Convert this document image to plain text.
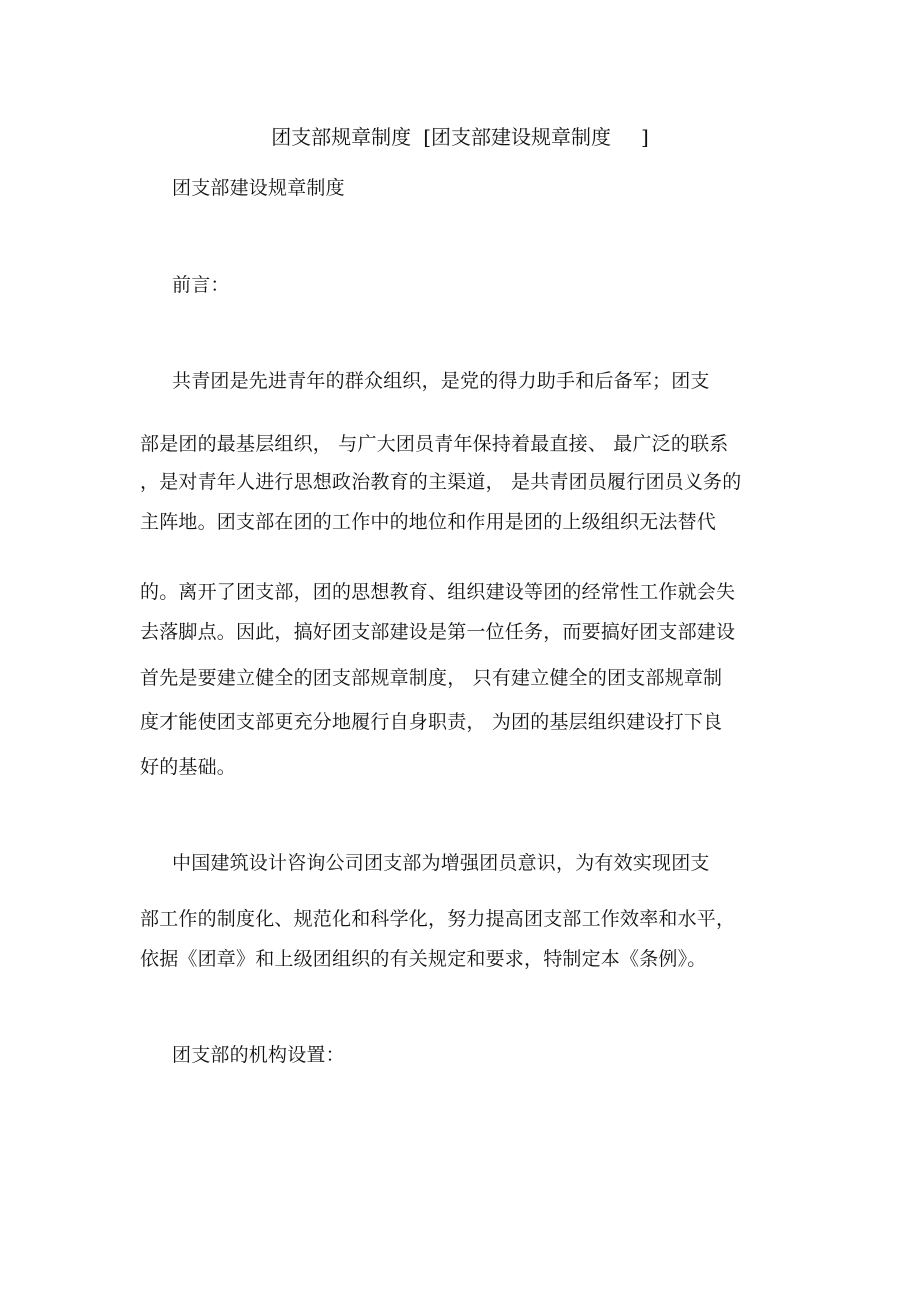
团支部规章制度 [团支部建设规章制度 ]
团支部建设规章制度
前言：
共青团是先进青年的群众组织，是党的得力助手和后备军；团支
部是团的最基层组织， 与广大团员青年保持着最直接、 最广泛的联系
，是对青年人进行思想政治教育的主渠道， 是共青团员履行团员义务的
主阵地。团支部在团的工作中的地位和作用是团的上级组织无法替代
的。离开了团支部，团的思想教育、组织建设等团的经常性工作就会失
去落脚点。因此，搞好团支部建设是第一位任务，而要搞好团支部建设
首先是要建立健全的团支部规章制度， 只有建立健全的团支部规章制
度才能使团支部更充分地履行自身职责， 为团的基层组织建设打下良
好的基础。
中国建筑设计咨询公司团支部为增强团员意识，为有效实现团支
部工作的制度化、规范化和科学化，努力提高团支部工作效率和水平，
依据《团章》和上级团组织的有关规定和要求，特制定本《条例》。
团支部的机构设置：
